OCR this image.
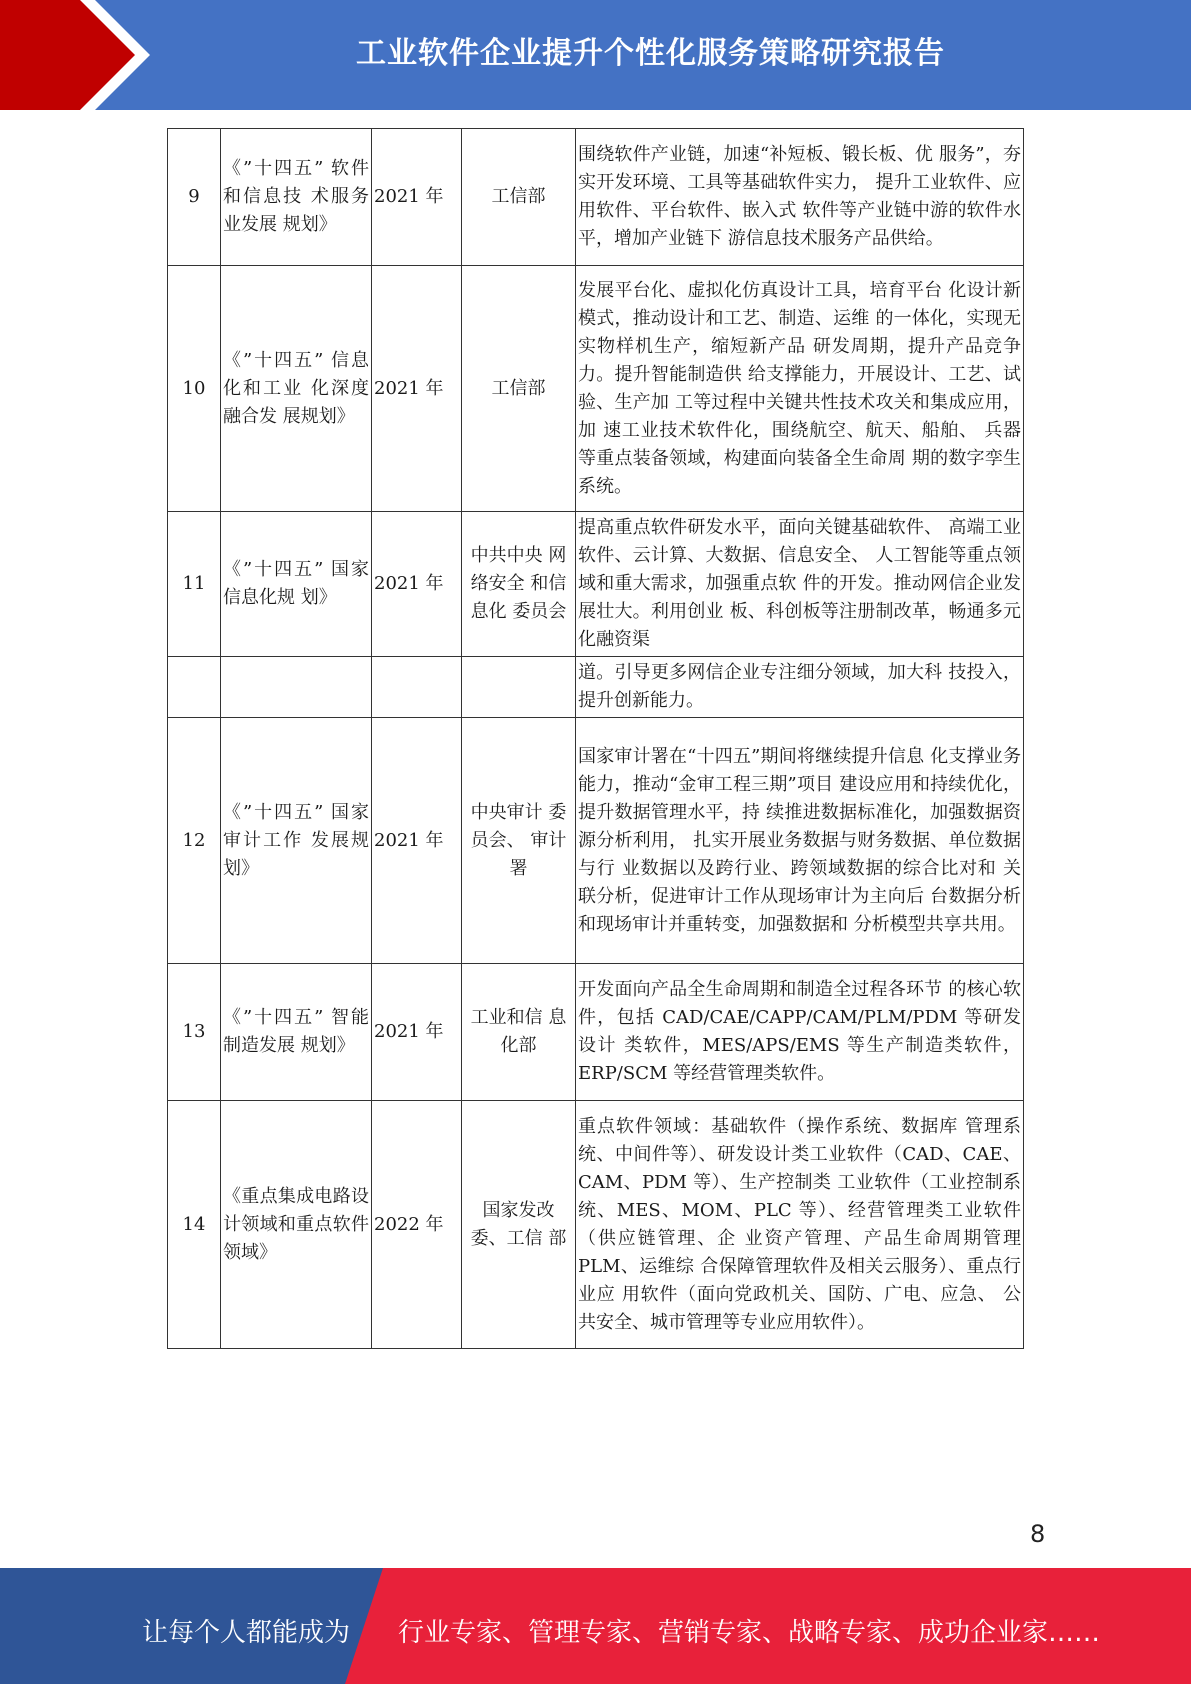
工业软件企业提升个性化服务策略研究报告
9	《”十四五” 软件和信息技 术服务业发展 规划》	2021 年	工信部	围绕软件产业链，加速“补短板、锻长板、优 服务”，夯实开发环境、工具等基础软件实力， 提升工业软件、应用软件、平台软件、嵌入式 软件等产业链中游的软件水平，增加产业链下 游信息技术服务产品供给。
10	《”十四五” 信息化和工业 化深度融合发 展规划》	2021 年	工信部	发展平台化、虚拟化仿真设计工具，培育平台 化设计新模式，推动设计和工艺、制造、运维 的一体化，实现无实物样机生产，缩短新产品 研发周期，提升产品竞争力。提升智能制造供 给支撑能力，开展设计、工艺、试验、生产加 工等过程中关键共性技术攻关和集成应用，加 速工业技术软件化，围绕航空、航天、船舶、 兵器等重点装备领域，构建面向装备全生命周 期的数字孪生系统。
11	《”十四五” 国家信息化规 划》	2021 年	中共中央 网络安全 和信息化 委员会	提高重点软件研发水平，面向关键基础软件、 高端工业软件、云计算、大数据、信息安全、 人工智能等重点领域和重大需求，加强重点软 件的开发。推动网信企业发展壮大。利用创业 板、科创板等注册制改革，畅通多元化融资渠
				道。引导更多网信企业专注细分领域，加大科 技投入，提升创新能力。
12	《”十四五” 国家审计工作 发展规划》	2021 年	中央审计 委员会、 审计署	国家审计署在“十四五”期间将继续提升信息 化支撑业务能力，推动“金审工程三期”项目 建设应用和持续优化，提升数据管理水平，持 续推进数据标准化，加强数据资源分析利用， 扎实开展业务数据与财务数据、单位数据与行 业数据以及跨行业、跨领域数据的综合比对和 关联分析，促进审计工作从现场审计为主向后 台数据分析和现场审计并重转变，加强数据和 分析模型共享共用。
13	《”十四五” 智能制造发展 规划》	2021 年	工业和信 息化部	开发面向产品全生命周期和制造全过程各环节 的核心软件，包括 CAD/CAE/CAPP/CAM/PLM/PDM 等研发设计 类软件，MES/APS/EMS 等生产制造类软件， ERP/SCM 等经营管理类软件。
14	《重点集成电路设计领域和重点软件领域》	2022 年	国家发改 委、工信 部	重点软件领域：基础软件（操作系统、数据库 管理系统、中间件等）、研发设计类工业软件（CAD、CAE、CAM、PDM 等）、生产控制类 工业软件（工业控制系统、MES、MOM、PLC 等）、经营管理类工业软件（供应链管理、企 业资产管理、产品生命周期管理 PLM、运维综 合保障管理软件及相关云服务）、重点行业应 用软件（面向党政机关、国防、广电、应急、 公共安全、城市管理等专业应用软件）。
8
让每个人都能成为 行业专家、管理专家、营销专家、战略专家、成功企业家……
